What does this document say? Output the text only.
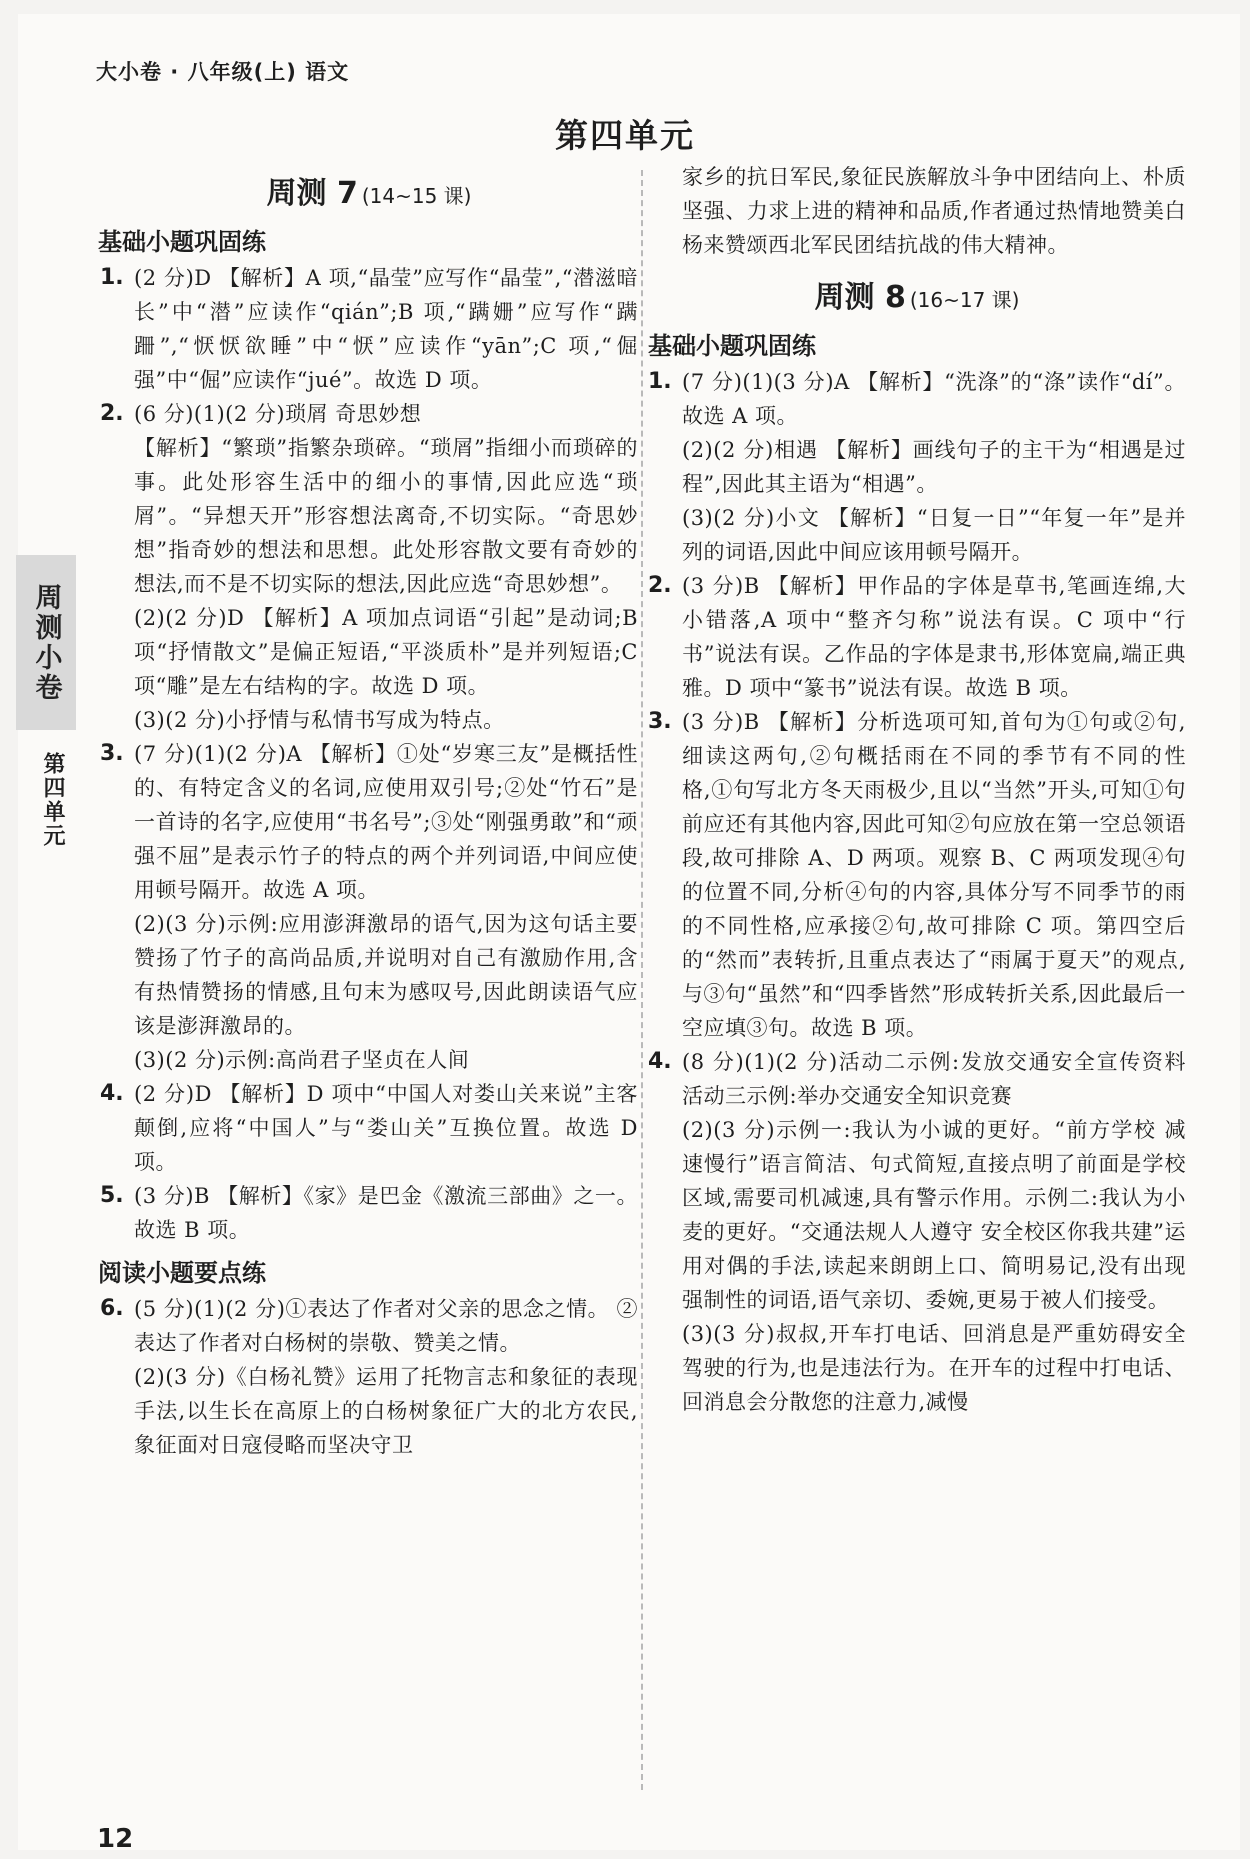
大小卷 · 八年级(上) 语文
第四单元
周测小卷
第四单元
周测 7 (14~15 课)
基础小题巩固练
1. (2 分)D 【解析】A 项,“晶莹”应写作“晶莹”,“潜滋暗长”中“潜”应读作“qián”;B 项,“蹒姗”应写作“蹒跚”,“恹恹欲睡”中“恹”应读作“yān”;C 项,“倔强”中“倔”应读作“jué”。故选 D 项。

2. (6 分)(1)(2 分)琐屑 奇思妙想

【解析】“繁琐”指繁杂琐碎。“琐屑”指细小而琐碎的事。此处形容生活中的细小的事情,因此应选“琐屑”。“异想天开”形容想法离奇,不切实际。“奇思妙想”指奇妙的想法和思想。此处形容散文要有奇妙的想法,而不是不切实际的想法,因此应选“奇思妙想”。

(2)(2 分)D 【解析】A 项加点词语“引起”是动词;B 项“抒情散文”是偏正短语,“平淡质朴”是并列短语;C 项“雕”是左右结构的字。故选 D 项。

(3)(2 分)小抒情与私情书写成为特点。

3. (7 分)(1)(2 分)A 【解析】①处“岁寒三友”是概括性的、有特定含义的名词,应使用双引号;②处“竹石”是一首诗的名字,应使用“书名号”;③处“刚强勇敢”和“顽强不屈”是表示竹子的特点的两个并列词语,中间应使用顿号隔开。故选 A 项。

(2)(3 分)示例:应用澎湃激昂的语气,因为这句话主要赞扬了竹子的高尚品质,并说明对自己有激励作用,含有热情赞扬的情感,且句末为感叹号,因此朗读语气应该是澎湃激昂的。

(3)(2 分)示例:高尚君子坚贞在人间

4. (2 分)D 【解析】D 项中“中国人对娄山关来说”主客颠倒,应将“中国人”与“娄山关”互换位置。故选 D 项。

5. (3 分)B 【解析】《家》是巴金《激流三部曲》之一。故选 B 项。

阅读小题要点练
6. (5 分)(1)(2 分)①表达了作者对父亲的思念之情。 ②表达了作者对白杨树的崇敬、赞美之情。

(2)(3 分)《白杨礼赞》运用了托物言志和象征的表现手法,以生长在高原上的白杨树象征广大的北方农民,象征面对日寇侵略而坚决守卫

家乡的抗日军民,象征民族解放斗争中团结向上、朴质坚强、力求上进的精神和品质,作者通过热情地赞美白杨来赞颂西北军民团结抗战的伟大精神。

周测 8 (16~17 课)
基础小题巩固练
1. (7 分)(1)(3 分)A 【解析】“洗涤”的“涤”读作“dí”。故选 A 项。

(2)(2 分)相遇 【解析】画线句子的主干为“相遇是过程”,因此其主语为“相遇”。

(3)(2 分)小文 【解析】“日复一日”“年复一年”是并列的词语,因此中间应该用顿号隔开。

2. (3 分)B 【解析】甲作品的字体是草书,笔画连绵,大小错落,A 项中“整齐匀称”说法有误。C 项中“行书”说法有误。乙作品的字体是隶书,形体宽扁,端正典雅。D 项中“篆书”说法有误。故选 B 项。

3. (3 分)B 【解析】分析选项可知,首句为①句或②句,细读这两句,②句概括雨在不同的季节有不同的性格,①句写北方冬天雨极少,且以“当然”开头,可知①句前应还有其他内容,因此可知②句应放在第一空总领语段,故可排除 A、D 两项。观察 B、C 两项发现④句的位置不同,分析④句的内容,具体分写不同季节的雨的不同性格,应承接②句,故可排除 C 项。第四空后的“然而”表转折,且重点表达了“雨属于夏天”的观点,与③句“虽然”和“四季皆然”形成转折关系,因此最后一空应填③句。故选 B 项。

4. (8 分)(1)(2 分)活动二示例:发放交通安全宣传资料 活动三示例:举办交通安全知识竞赛

(2)(3 分)示例一:我认为小诚的更好。“前方学校 减速慢行”语言简洁、句式简短,直接点明了前面是学校区域,需要司机减速,具有警示作用。示例二:我认为小麦的更好。“交通法规人人遵守 安全校区你我共建”运用对偶的手法,读起来朗朗上口、简明易记,没有出现强制性的词语,语气亲切、委婉,更易于被人们接受。

(3)(3 分)叔叔,开车打电话、回消息是严重妨碍安全驾驶的行为,也是违法行为。在开车的过程中打电话、回消息会分散您的注意力,减慢

12
